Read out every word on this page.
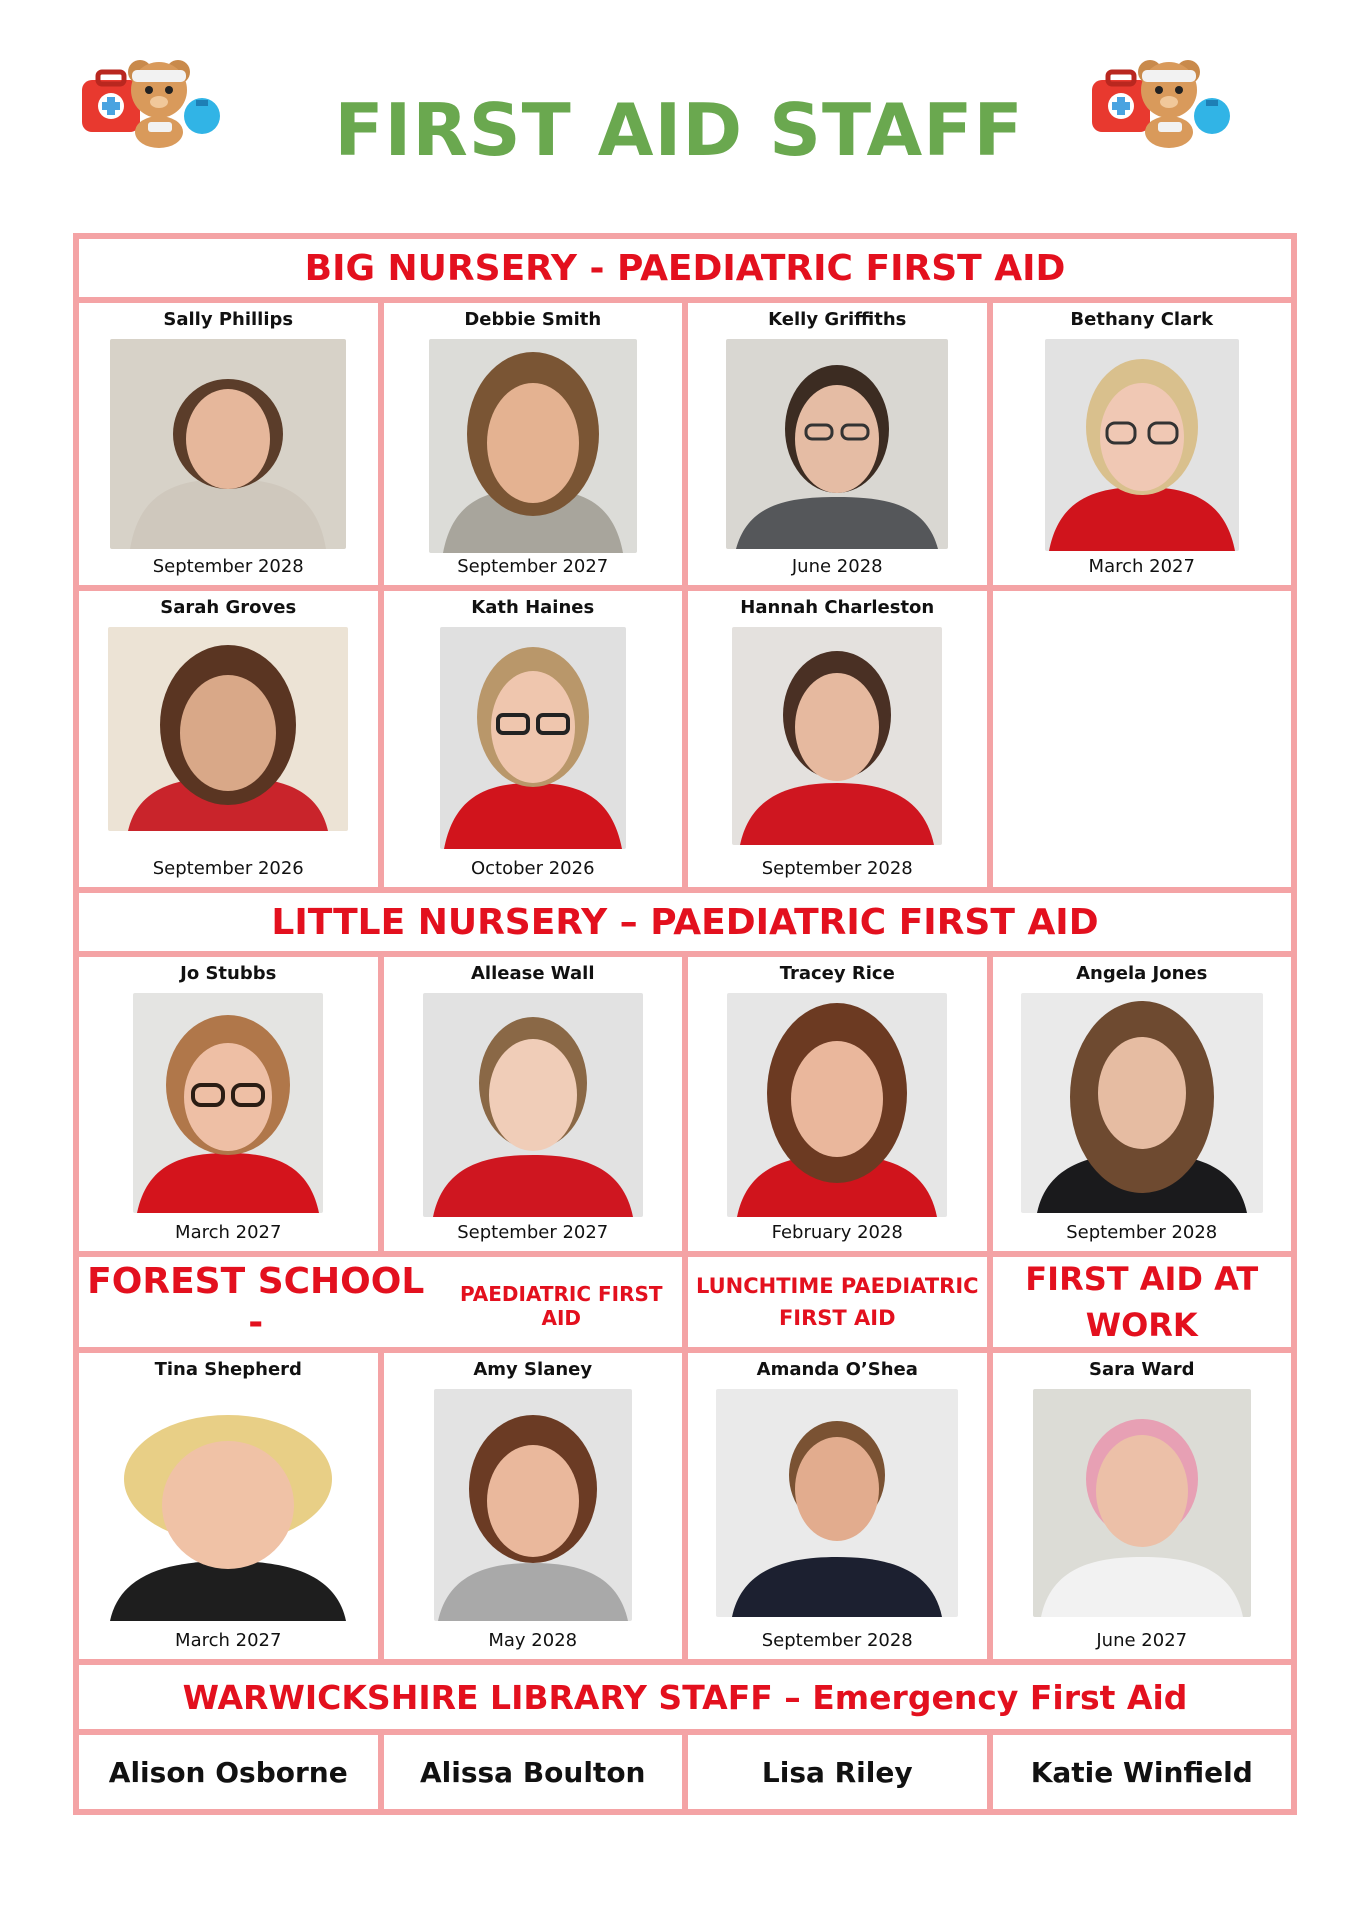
FIRST AID STAFF
BIG NURSERY - PAEDIATRIC FIRST AID
Sally Phillips
September 2028
Debbie Smith
September 2027
Kelly Griffiths
June 2028
Bethany Clark
March 2027
Sarah Groves
September 2026
Kath Haines
October 2026
Hannah Charleston
September 2028
LITTLE NURSERY – PAEDIATRIC FIRST AID
Jo Stubbs
March 2027
Allease Wall
September 2027
Tracey Rice
February 2028
Angela Jones
September 2028
FOREST SCHOOL -
PAEDIATRIC FIRST AID
LUNCHTIME PAEDIATRIC FIRST AID
FIRST AID AT WORK
Tina Shepherd
March 2027
Amy Slaney
May 2028
Amanda O’Shea
September 2028
Sara Ward
June 2027
WARWICKSHIRE LIBRARY STAFF – Emergency First Aid
Alison Osborne	Alissa Boulton	Lisa Riley	Katie Winfield
